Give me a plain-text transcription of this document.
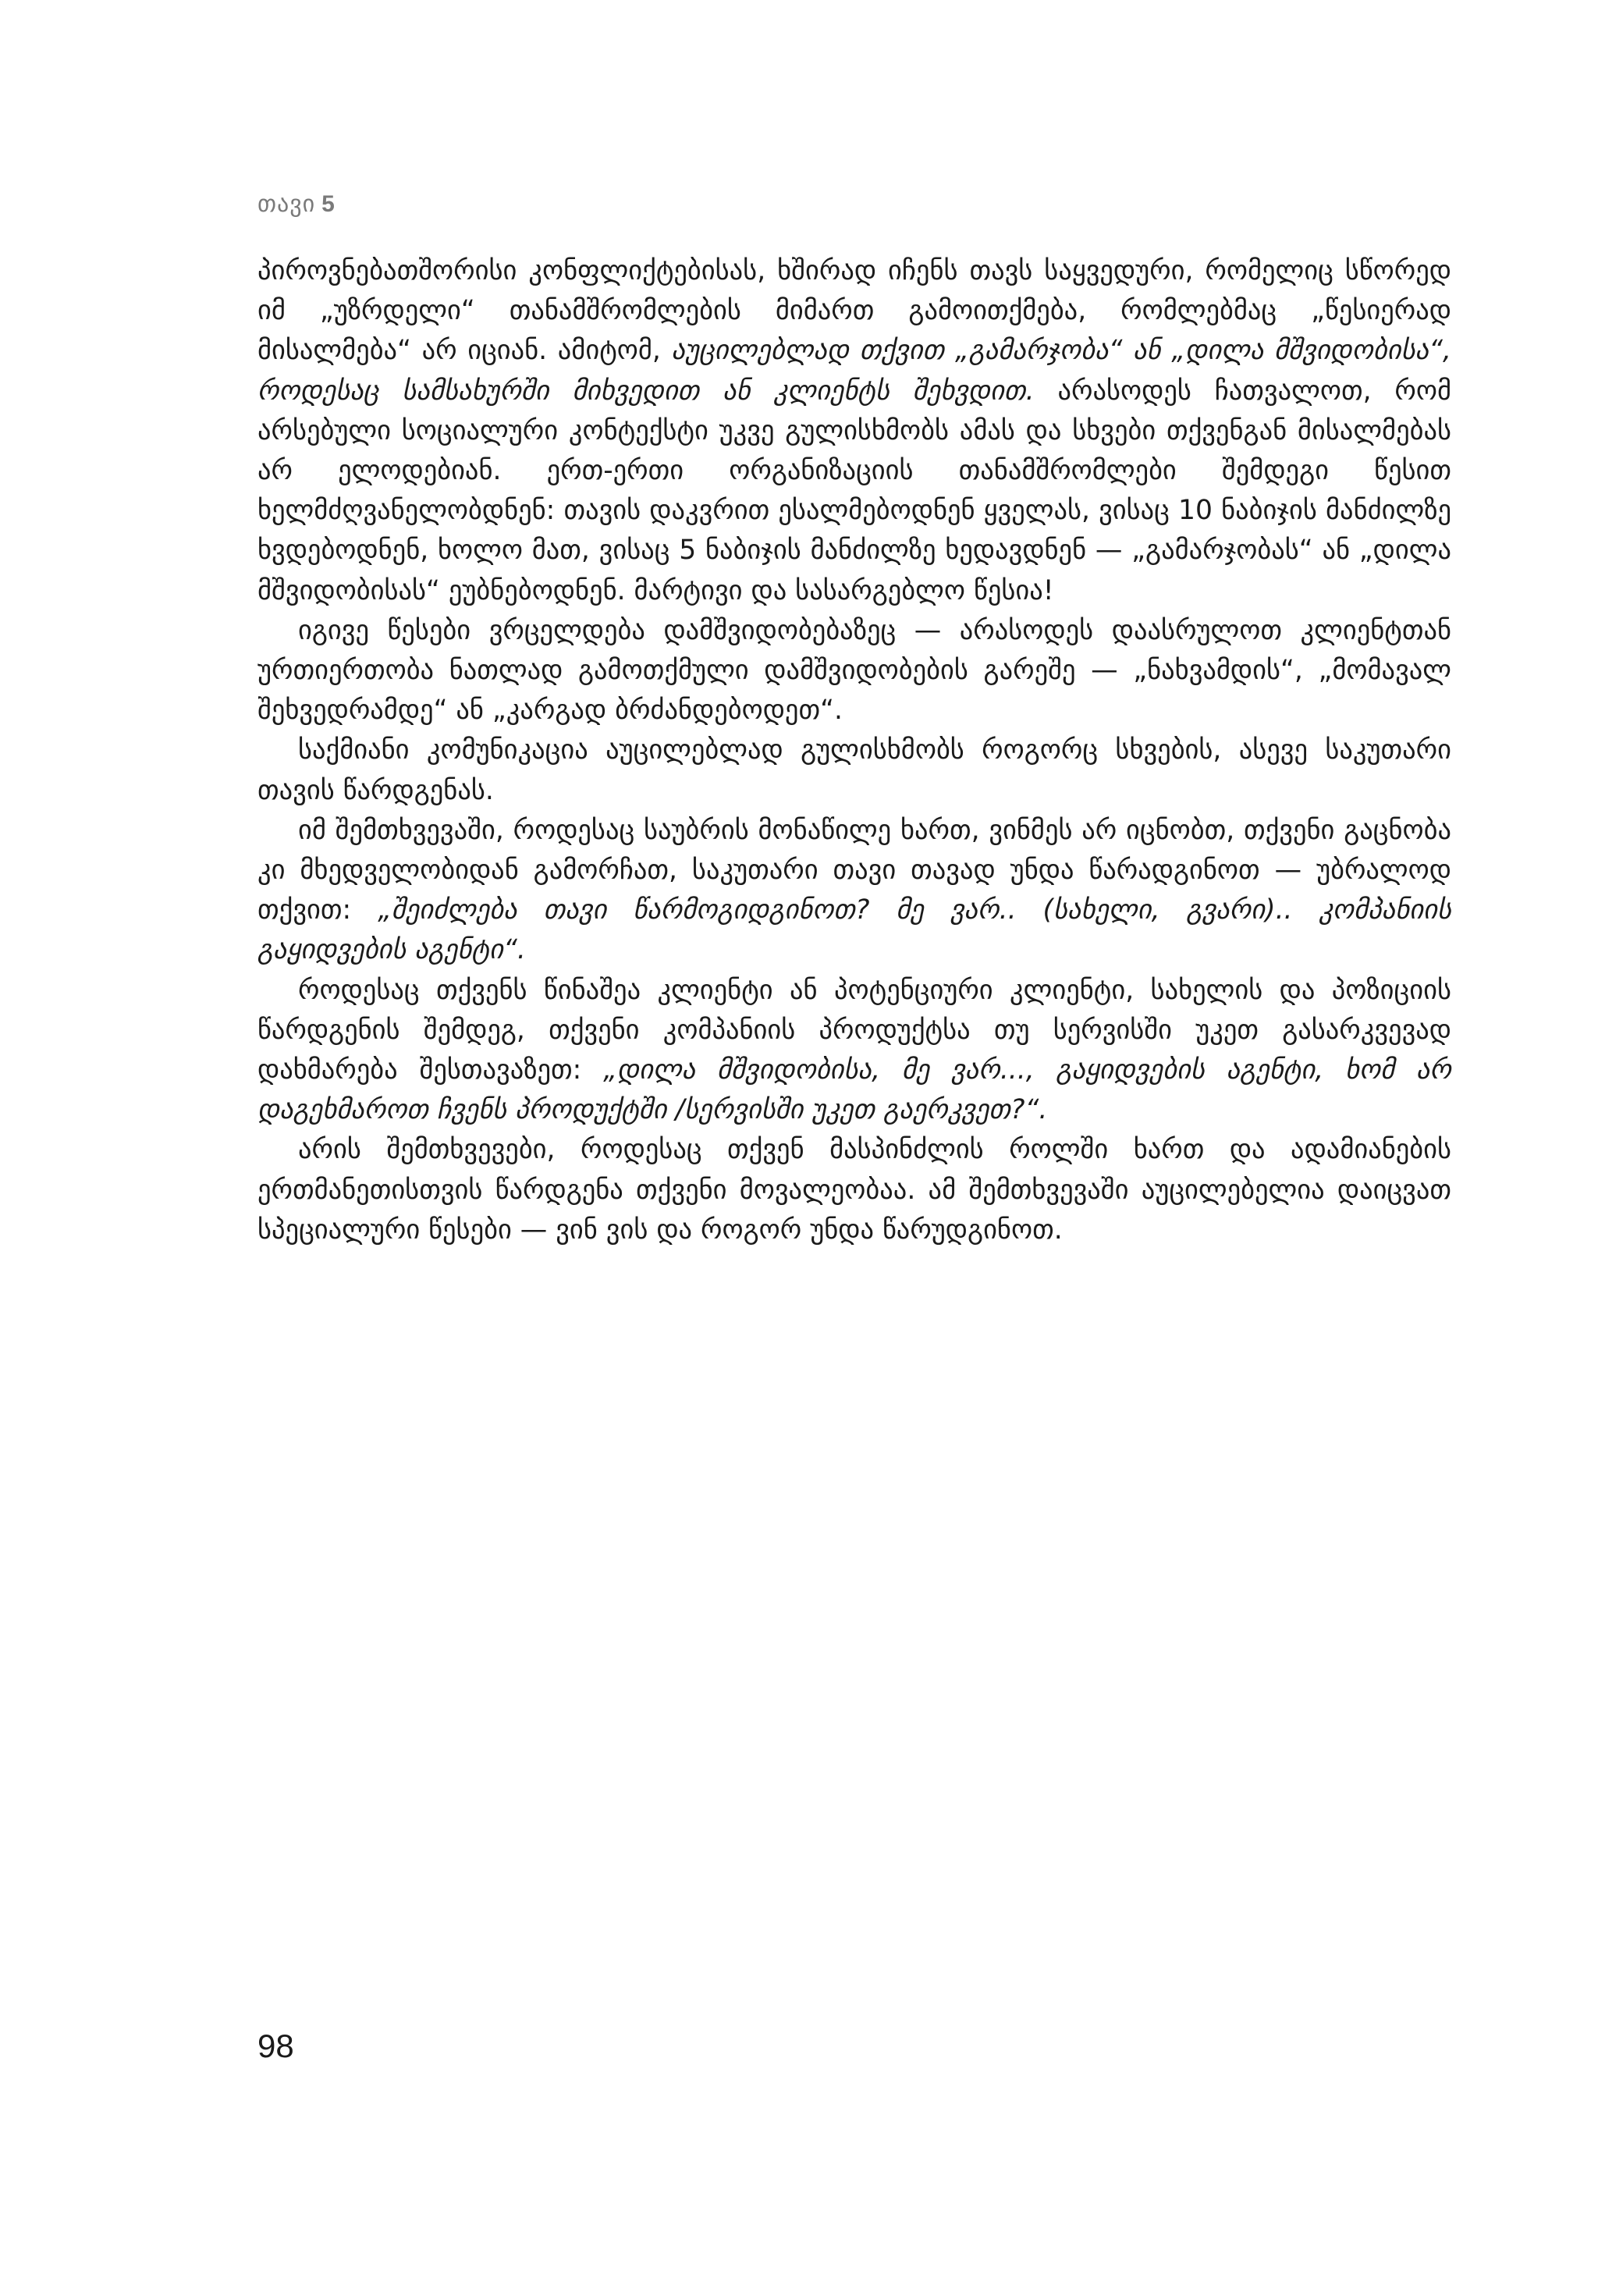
თავი 5

პიროვნებათშორისი კონფლიქტებისას, ხშირად იჩენს თავს საყვედური, რომელიც სწორედ იმ „უზრდელი“ თანამშრომლების მიმართ გამოითქმება, რომლებმაც „წესიერად მისალმება“ არ იციან. ამიტომ, აუცილებლად თქვით „გამარჯობა“ ან „დილა მშვიდობისა“, როდესაც სამსახურში მიხვედით ან კლიენტს შეხვდით. არასოდეს ჩათვალოთ, რომ არსებული სოციალური კონტექსტი უკვე გულისხმობს ამას და სხვები თქვენგან მისალმებას არ ელოდებიან. ერთ-ერთი ორგანიზაციის თანამშრომლები შემდეგი წესით ხელმძღვანელობდნენ: თავის დაკვრით ესალმებოდნენ ყველას, ვისაც 10 ნაბიჯის მანძილზე ხვდებოდნენ, ხოლო მათ, ვისაც 5 ნაბიჯის მანძილზე ხედავდნენ — „გამარჯობას“ ან „დილა მშვიდობისას“ ეუბნებოდნენ. მარტივი და სასარგებლო წესია!

იგივე წესები ვრცელდება დამშვიდობებაზეც — არასოდეს დაასრულოთ კლიენტთან ურთიერთობა ნათლად გამოთქმული დამშვიდობების გარეშე — „ნახვამდის“, „მომავალ შეხვედრამდე“ ან „კარგად ბრძანდებოდეთ“.

საქმიანი კომუნიკაცია აუცილებლად გულისხმობს როგორც სხვების, ასევე საკუთარი თავის წარდგენას.

იმ შემთხვევაში, როდესაც საუბრის მონაწილე ხართ, ვინმეს არ იცნობთ, თქვენი გაცნობა კი მხედველობიდან გამორჩათ, საკუთარი თავი თავად უნდა წარადგინოთ — უბრალოდ თქვით: „შეიძლება თავი წარმოგიდგინოთ? მე ვარ.. (სახელი, გვარი).. კომპანიის გაყიდვების აგენტი“.

როდესაც თქვენს წინაშეა კლიენტი ან პოტენციური კლიენტი, სახელის და პოზიციის წარდგენის შემდეგ, თქვენი კომპანიის პროდუქტსა თუ სერვისში უკეთ გასარკვევად დახმარება შესთავაზეთ: „დილა მშვიდობისა, მე ვარ..., გაყიდვების აგენტი, ხომ არ დაგეხმაროთ ჩვენს პროდუქტში /სერვისში უკეთ გაერკვეთ?“.

არის შემთხვევები, როდესაც თქვენ მასპინძლის როლში ხართ და ადამიანების ერთმანეთისთვის წარდგენა თქვენი მოვალეობაა. ამ შემთხვევაში აუცილებელია დაიცვათ სპეციალური წესები — ვინ ვის და როგორ უნდა წარუდგინოთ.

98
